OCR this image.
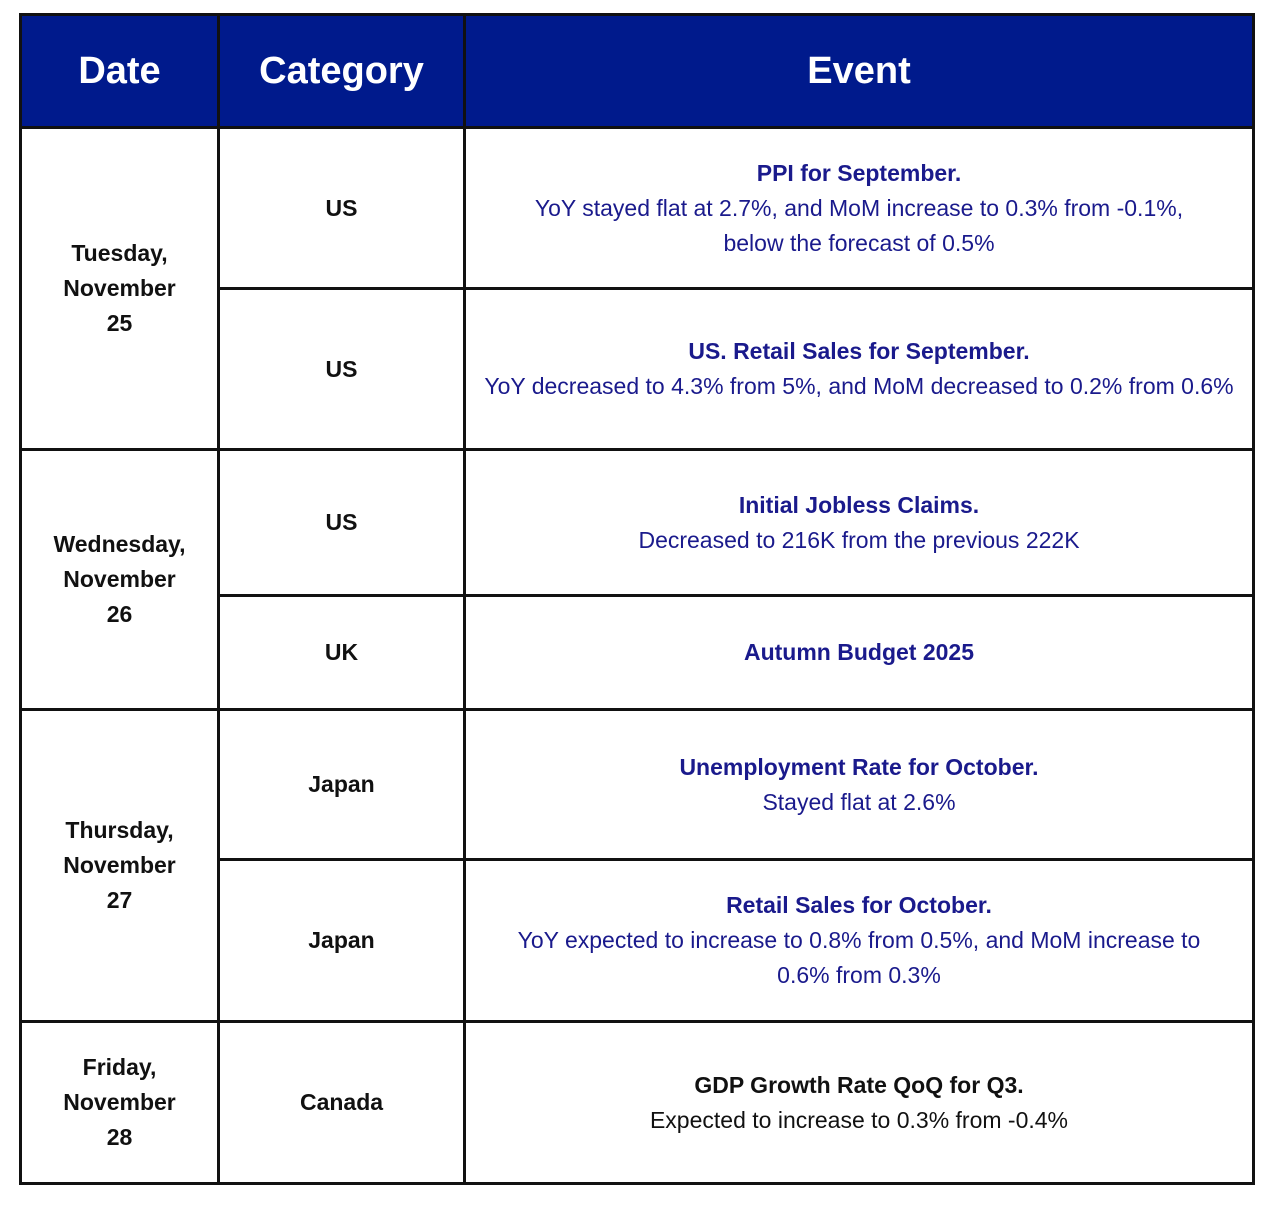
Date	Category	Event
Tuesday,
November
25	US	PPI for September.
YoY stayed flat at 2.7%, and MoM increase to 0.3% from -0.1%, below the forecast of 0.5%

	US	US. Retail Sales for September.
YoY decreased to 4.3% from 5%, and MoM decreased to 0.2% from 0.6%

Wednesday,
November
26	US	Initial Jobless Claims.
Decreased to 216K from the previous 222K

	UK	Autumn Budget 2025

Thursday,
November
27	Japan	Unemployment Rate for October.
Stayed flat at 2.6%

	Japan	Retail Sales for October.
YoY expected to increase to 0.8% from 0.5%, and MoM increase to 0.6% from 0.3%

Friday,
November
28	Canada	GDP Growth Rate QoQ for Q3.
Expected to increase to 0.3% from -0.4%
